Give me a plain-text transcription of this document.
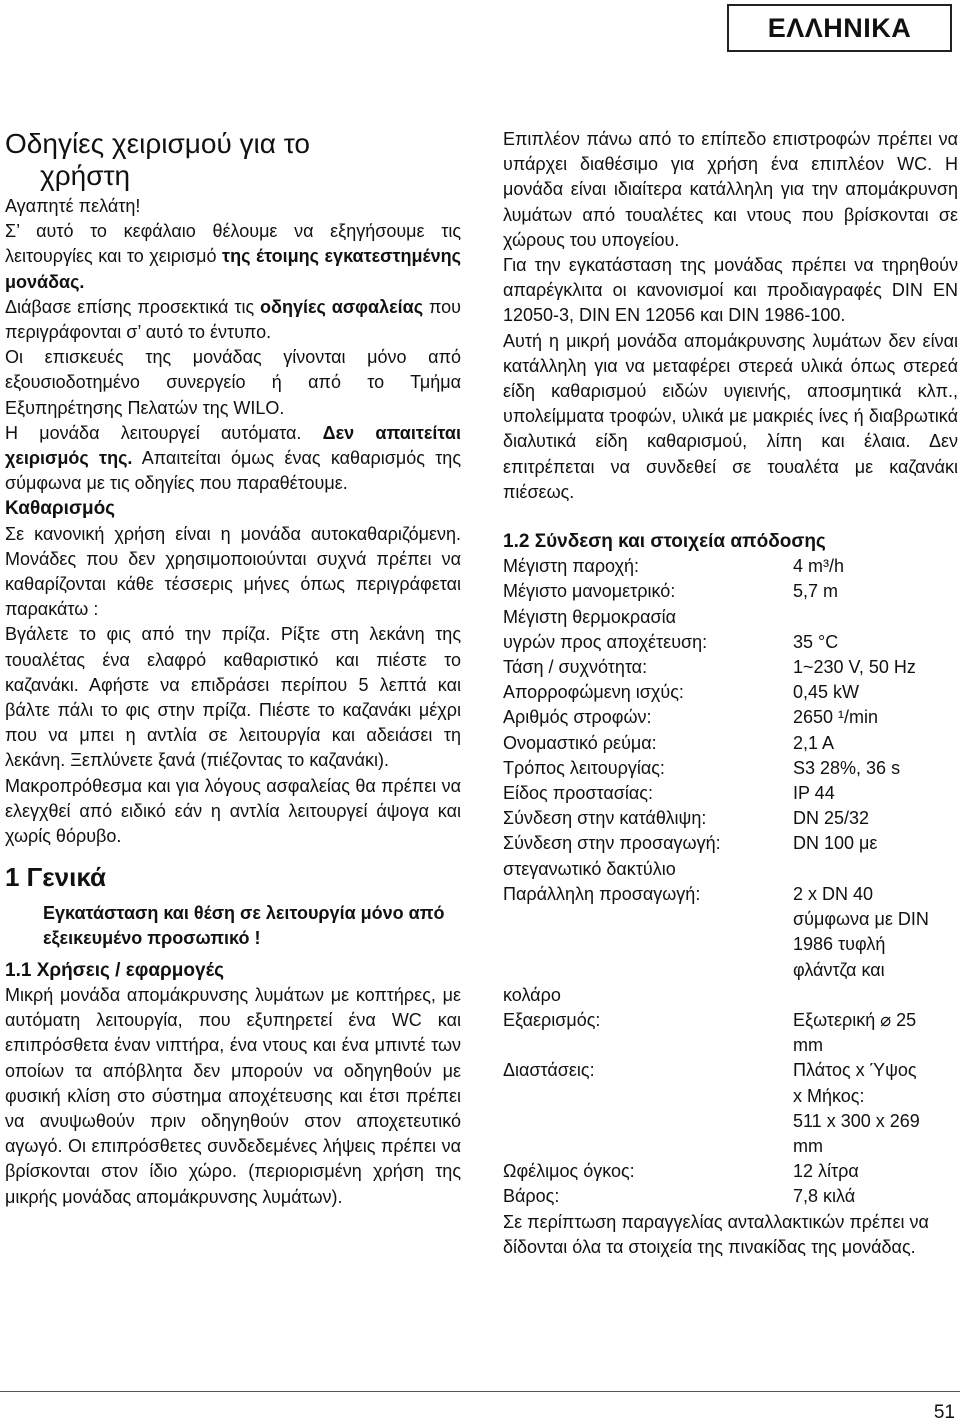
ΕΛΛΗΝΙΚΑ
Οδηγίες χειρισμού για το
χρήστη

Αγαπητέ πελάτη!

Σ’ αυτό το κεφάλαιο θέλουμε να εξηγήσουμε τις λειτουργίες και το χειρισμό της έτοιμης εγκατεστημένης μονάδας.

Διάβασε επίσης προσεκτικά τις οδηγίες ασφαλείας που περιγράφονται σ’ αυτό το έντυπο.

Οι επισκευές της μονάδας γίνονται μόνο από εξουσιοδοτημένο συνεργείο ή από το Τμήμα Εξυπηρέτησης Πελατών της WILO.

Η μονάδα λειτουργεί αυτόματα. Δεν απαιτείται χειρισμός της. Απαιτείται όμως ένας καθαρισμός της σύμφωνα με τις οδηγίες που παραθέτουμε.

Καθαρισμός

Σε κανονική χρήση είναι η μονάδα αυτοκαθαριζόμενη. Μονάδες που δεν χρησιμοποιούνται συχνά πρέπει να καθαρίζονται κάθε τέσσερις μήνες όπως περιγράφεται παρακάτω :

Βγάλετε το φις από την πρίζα. Ρίξτε στη λεκάνη της τουαλέτας ένα ελαφρό καθαριστικό και πιέστε το καζανάκι. Αφήστε να επιδράσει περίπου 5 λεπτά και βάλτε πάλι το φις στην πρίζα. Πιέστε το καζανάκι μέχρι που να μπει η αντλία σε λειτουργία και αδειάσει τη λεκάνη. Ξεπλύνετε ξανά (πιέζοντας το καζανάκι).

Μακροπρόθεσμα και για λόγους ασφαλείας θα πρέπει να ελεγχθεί από ειδικό εάν η αντλία λειτουργεί άψογα και χωρίς θόρυβο.

1 Γενικά

Εγκατάσταση και θέση σε λειτουργία μόνο από εξεικευμένο προσωπικό !

1.1 Χρήσεις / εφαρμογές

Μικρή μονάδα απομάκρυνσης λυμάτων με κοπτήρες, με αυτόματη λειτουργία, που εξυπηρετεί ένα WC και επιπρόσθετα έναν νιπτήρα, ένα ντους και ένα μπιντέ των οποίων τα απόβλητα δεν μπορούν να οδηγηθούν με φυσική κλίση στο σύστημα αποχέτευσης και έτσι πρέπει να ανυψωθούν πριν οδηγηθούν στον αποχετευτικό αγωγό. Οι επιπρόσθετες συνδεδεμένες λήψεις πρέπει να βρίσκονται στον ίδιο χώρο. (περιορισμένη χρήση της μικρής μονάδας απομάκρυνσης λυμάτων).

Επιπλέον πάνω από το επίπεδο επιστροφών πρέπει να υπάρχει διαθέσιμο για χρήση ένα επιπλέον WC. Η μονάδα είναι ιδιαίτερα κατάλληλη για την απομάκρυνση λυμάτων από τουαλέτες και ντους που βρίσκονται σε χώρους του υπογείου.

Για την εγκατάσταση της μονάδας πρέπει να τηρηθούν απαρέγκλιτα οι κανονισμοί και προδιαγραφές DIN EN 12050-3, DIN EN 12056 και DIN 1986-100.

Αυτή η μικρή μονάδα απομάκρυνσης λυμάτων δεν είναι κατάλληλη για να μεταφέρει στερεά υλικά όπως στερεά είδη καθαρισμού ειδών υγιεινής, αποσμητικά κλπ., υπολείμματα τροφών, υλικά με μακριές ίνες ή διαβρωτικά διαλυτικά είδη καθαρισμού, λίπη και έλαια. Δεν επιτρέπεται να συνδεθεί σε τουαλέτα με καζανάκι πιέσεως.

1.2 Σύνδεση και στοιχεία απόδοσης

Μέγιστη παροχή:	4 m³/h
Μέγιστο μανομετρικό:	5,7 m
Μέγιστη θερμοκρασία
υγρών προς αποχέτευση:	35 °C
Τάση / συχνότητα:	1~230 V, 50 Hz
Απορροφώμενη ισχύς:	0,45 kW
Αριθμός στροφών:	2650 ¹/min
Ονομαστικό ρεύμα:	2,1 A
Τρόπος λειτουργίας:	S3 28%, 36 s
Είδος προστασίας:	IP 44
Σύνδεση στην κατάθλιψη:	DN 25/32
Σύνδεση στην προσαγωγή:	DN 100 με
στεγανωτικό δακτύλιο
Παράλληλη προσαγωγή:	2 x DN 40
σύμφωνα με DIN
1986 τυφλή
φλάντζα και
κολάρο
Εξαερισμός:	Εξωτερική ⌀ 25
mm
Διαστάσεις:	Πλάτος x Ύψος
x Μήκος:
511 x 300 x 269
mm
Ωφέλιμος όγκος:	12 λίτρα
Βάρος:	7,8 κιλά

Σε περίπτωση παραγγελίας ανταλλακτικών πρέπει να δίδονται όλα τα στοιχεία της πινακίδας της μονάδας.

51
